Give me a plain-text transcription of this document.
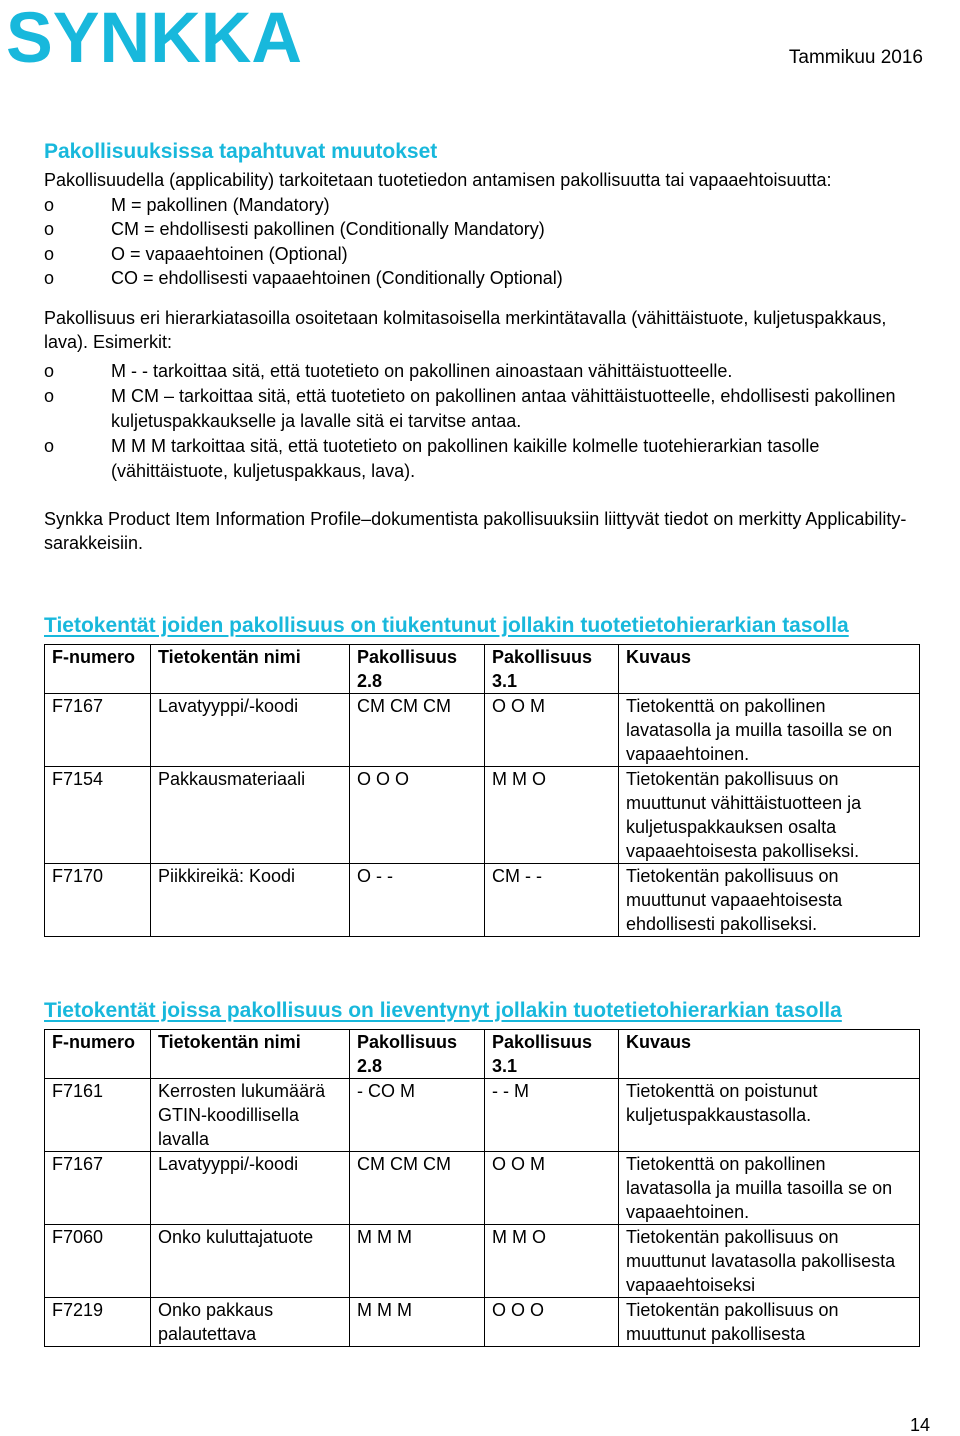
SYNKKA	Tammikuu 2016
Pakollisuuksissa tapahtuvat muutokset

Pakollisuudella (applicability) tarkoitetaan tuotetiedon antamisen pakollisuutta tai vapaaehtoisuutta:

o M = pakollinen (Mandatory)
o CM = ehdollisesti pakollinen (Conditionally Mandatory)
o O = vapaaehtoinen (Optional)
o CO = ehdollisesti vapaaehtoinen (Conditionally Optional)

Pakollisuus eri hierarkiatasoilla osoitetaan kolmitasoisella merkintätavalla (vähittäistuote, kuljetuspakkaus, lava). Esimerkit:

o M - - tarkoittaa sitä, että tuotetieto on pakollinen ainoastaan vähittäistuotteelle.
o M CM – tarkoittaa sitä, että tuotetieto on pakollinen antaa vähittäistuotteelle, ehdollisesti pakollinen kuljetuspakkaukselle ja lavalle sitä ei tarvitse antaa.
o M M M tarkoittaa sitä, että tuotetieto on pakollinen kaikille kolmelle tuotehierarkian tasolle (vähittäistuote, kuljetuspakkaus, lava).

Synkka Product Item Information Profile–dokumentista pakollisuuksiin liittyvät tiedot on merkitty Applicability-sarakkeisiin.

Tietokentät joiden pakollisuus on tiukentunut jollakin tuotetietohierarkian tasolla
F-numero	Tietokentän nimi	Pakollisuus 2.8	Pakollisuus 3.1	Kuvaus
F7167	Lavatyyppi/-koodi	CM CM CM	O O M	Tietokenttä on pakollinen lavatasolla ja muilla tasoilla se on vapaaehtoinen.
F7154	Pakkausmateriaali	O O O	M M O	Tietokentän pakollisuus on muuttunut vähittäistuotteen ja kuljetuspakkauksen osalta vapaaehtoisesta pakolliseksi.
F7170	Piikkireikä: Koodi	O - -	CM - -	Tietokentän pakollisuus on muuttunut vapaaehtoisesta ehdollisesti pakolliseksi.
Tietokentät joissa pakollisuus on lieventynyt jollakin tuotetietohierarkian tasolla
F-numero	Tietokentän nimi	Pakollisuus 2.8	Pakollisuus 3.1	Kuvaus
F7161	Kerrosten lukumäärä GTIN-koodillisella lavalla	- CO M	- - M	Tietokenttä on poistunut kuljetuspakkaustasolla.
F7167	Lavatyyppi/-koodi	CM CM CM	O O M	Tietokenttä on pakollinen lavatasolla ja muilla tasoilla se on vapaaehtoinen.
F7060	Onko kuluttajatuote	M M M	M M O	Tietokentän pakollisuus on muuttunut lavatasolla pakollisesta vapaaehtoiseksi
F7219	Onko pakkaus palautettava	M M M	O O O	Tietokentän pakollisuus on muuttunut pakollisesta
14
